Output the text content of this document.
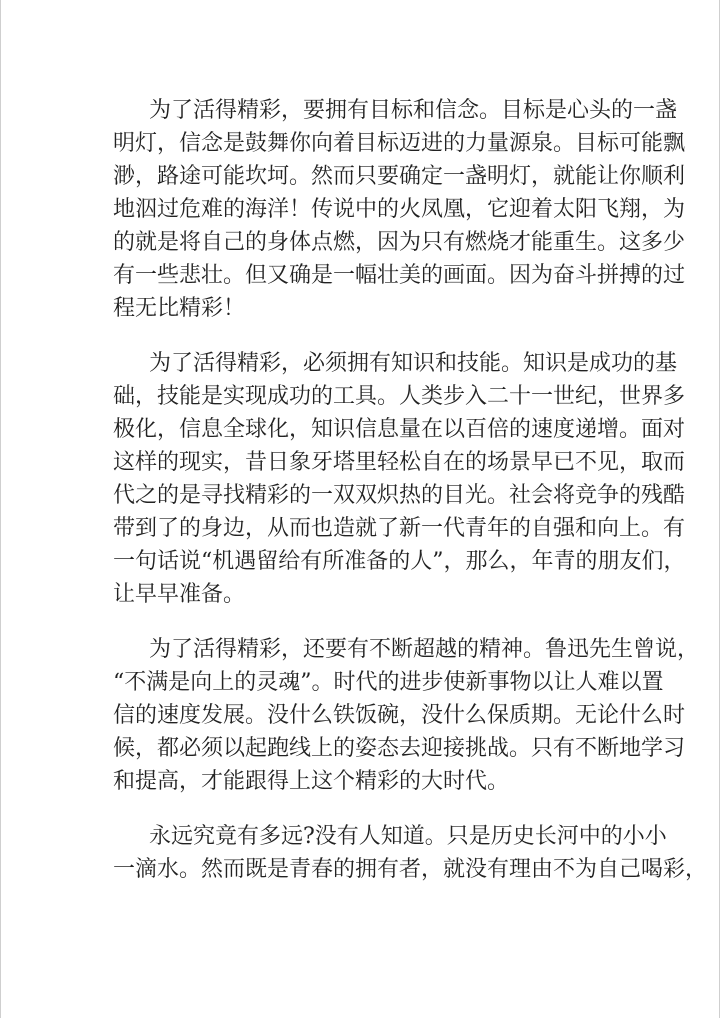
为了活得精彩，要拥有目标和信念。目标是心头的一盏
明灯，信念是鼓舞你向着目标迈进的力量源泉。目标可能飘
渺，路途可能坎坷。然而只要确定一盏明灯，就能让你顺利
地泅过危难的海洋！传说中的火凤凰，它迎着太阳飞翔，为
的就是将自己的身体点燃，因为只有燃烧才能重生。这多少
有一些悲壮。但又确是一幅壮美的画面。因为奋斗拼搏的过
程无比精彩！
为了活得精彩，必须拥有知识和技能。知识是成功的基
础，技能是实现成功的工具。人类步入二十一世纪，世界多
极化，信息全球化，知识信息量在以百倍的速度递增。面对
这样的现实，昔日象牙塔里轻松自在的场景早已不见，取而
代之的是寻找精彩的一双双炽热的目光。社会将竞争的残酷
带到了的身边，从而也造就了新一代青年的自强和向上。有
一句话说“机遇留给有所准备的人”，那么，年青的朋友们，
让早早准备。
为了活得精彩，还要有不断超越的精神。鲁迅先生曾说，
“不满是向上的灵魂”。时代的进步使新事物以让人难以置
信的速度发展。没什么铁饭碗，没什么保质期。无论什么时
候，都必须以起跑线上的姿态去迎接挑战。只有不断地学习
和提高，才能跟得上这个精彩的大时代。
永远究竟有多远?没有人知道。只是历史长河中的小小
一滴水。然而既是青春的拥有者，就没有理由不为自己喝彩，
